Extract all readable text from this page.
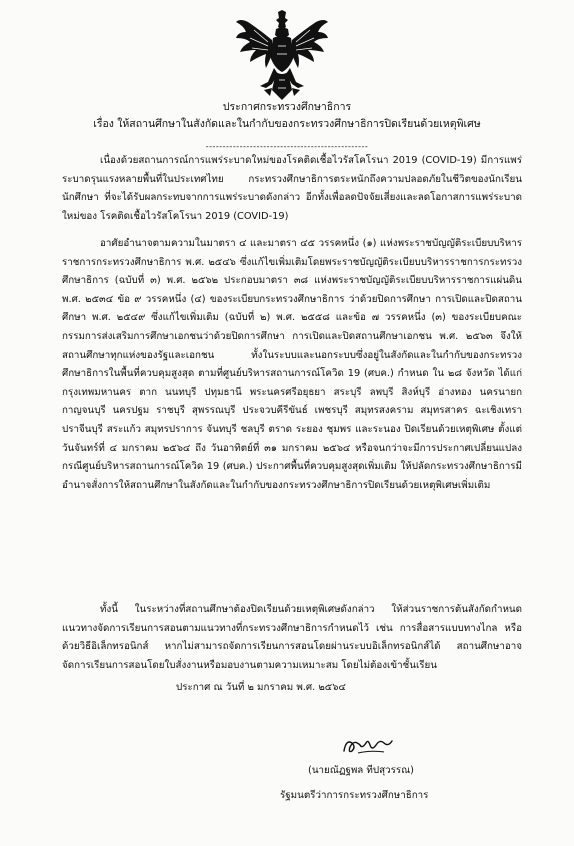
ประกาศกระทรวงศึกษาธิการ
เรื่อง ให้สถานศึกษาในสังกัดและในกำกับของกระทรวงศึกษาธิการปิดเรียนด้วยเหตุพิเศษ
------------------------------------------------

เนื่องด้วยสถานการณ์การแพร่ระบาดใหม่ของโรคติดเชื้อไวรัสโคโรนา 2019 (COVID-19) มีการแพร่ระบาดรุนแรงหลายพื้นที่ในประเทศไทย กระทรวงศึกษาธิการตระหนักถึงความปลอดภัยในชีวิตของนักเรียน นักศึกษา ที่จะได้รับผลกระทบจากการแพร่ระบาดดังกล่าว อีกทั้งเพื่อลดปัจจัยเสี่ยงและลดโอกาสการแพร่ระบาดใหม่ของ โรคติดเชื้อไวรัสโคโรนา 2019 (COVID-19)

อาศัยอำนาจตามความในมาตรา ๔ และมาตรา ๔๕ วรรคหนึ่ง (๑) แห่งพระราชบัญญัติระเบียบบริหารราชการกระทรวงศึกษาธิการ พ.ศ. ๒๕๔๖ ซึ่งแก้ไขเพิ่มเติมโดยพระราชบัญญัติระเบียบบริหารราชการกระทรวงศึกษาธิการ (ฉบับที่ ๓) พ.ศ. ๒๕๖๒ ประกอบมาตรา ๓๘ แห่งพระราชบัญญัติระเบียบบริหารราชการแผ่นดิน พ.ศ. ๒๕๓๔ ข้อ ๙ วรรคหนึ่ง (๔) ของระเบียบกระทรวงศึกษาธิการ ว่าด้วยปิดการศึกษา การเปิดและปิดสถานศึกษา พ.ศ. ๒๕๔๙ ซึ่งแก้ไขเพิ่มเติม (ฉบับที่ ๒) พ.ศ. ๒๕๕๘ และข้อ ๗ วรรคหนึ่ง (๓) ของระเบียบคณะกรรมการส่งเสริมการศึกษาเอกชนว่าด้วยปิดการศึกษา การเปิดและปิดสถานศึกษาเอกชน พ.ศ. ๒๕๖๓ จึงให้สถานศึกษาทุกแห่งของรัฐและเอกชน ทั้งในระบบและนอกระบบซึ่งอยู่ในสังกัดและในกำกับของกระทรวงศึกษาธิการในพื้นที่ควบคุมสูงสุด ตามที่ศูนย์บริหารสถานการณ์โควิด 19 (ศบค.) กำหนด ใน ๒๘ จังหวัด ได้แก่ กรุงเทพมหานคร ตาก นนทบุรี ปทุมธานี พระนครศรีอยุธยา สระบุรี ลพบุรี สิงห์บุรี อ่างทอง นครนายก กาญจนบุรี นครปฐม ราชบุรี สุพรรณบุรี ประจวบคีรีขันธ์ เพชรบุรี สมุทรสงคราม สมุทรสาคร ฉะเชิงเทรา ปราจีนบุรี สระแก้ว สมุทรปราการ จันทบุรี ชลบุรี ตราด ระยอง ชุมพร และระนอง ปิดเรียนด้วยเหตุพิเศษ ตั้งแต่วันจันทร์ที่ ๔ มกราคม ๒๕๖๔ ถึง วันอาทิตย์ที่ ๓๑ มกราคม ๒๕๖๔ หรือจนกว่าจะมีการประกาศเปลี่ยนแปลง กรณีศูนย์บริหารสถานการณ์โควิด 19 (ศบค.) ประกาศพื้นที่ควบคุมสูงสุดเพิ่มเติม ให้ปลัดกระทรวงศึกษาธิการมีอำนาจสั่งการให้สถานศึกษาในสังกัดและในกำกับของกระทรวงศึกษาธิการปิดเรียนด้วยเหตุพิเศษเพิ่มเติม

ทั้งนี้ ในระหว่างที่สถานศึกษาต้องปิดเรียนด้วยเหตุพิเศษดังกล่าว ให้ส่วนราชการต้นสังกัดกำหนดแนวทางจัดการเรียนการสอนตามแนวทางที่กระทรวงศึกษาธิการกำหนดไว้ เช่น การสื่อสารแบบทางไกล หรือด้วยวิธีอิเล็กทรอนิกส์ หากไม่สามารถจัดการเรียนการสอนโดยผ่านระบบอิเล็กทรอนิกส์ได้ สถานศึกษาอาจจัดการเรียนการสอนโดยใบสั่งงานหรือมอบงานตามความเหมาะสม โดยไม่ต้องเข้าชั้นเรียน

ประกาศ ณ วันที่ ๒ มกราคม พ.ศ. ๒๕๖๔
(นายณัฏฐพล ทีปสุวรรณ)
รัฐมนตรีว่าการกระทรวงศึกษาธิการ
